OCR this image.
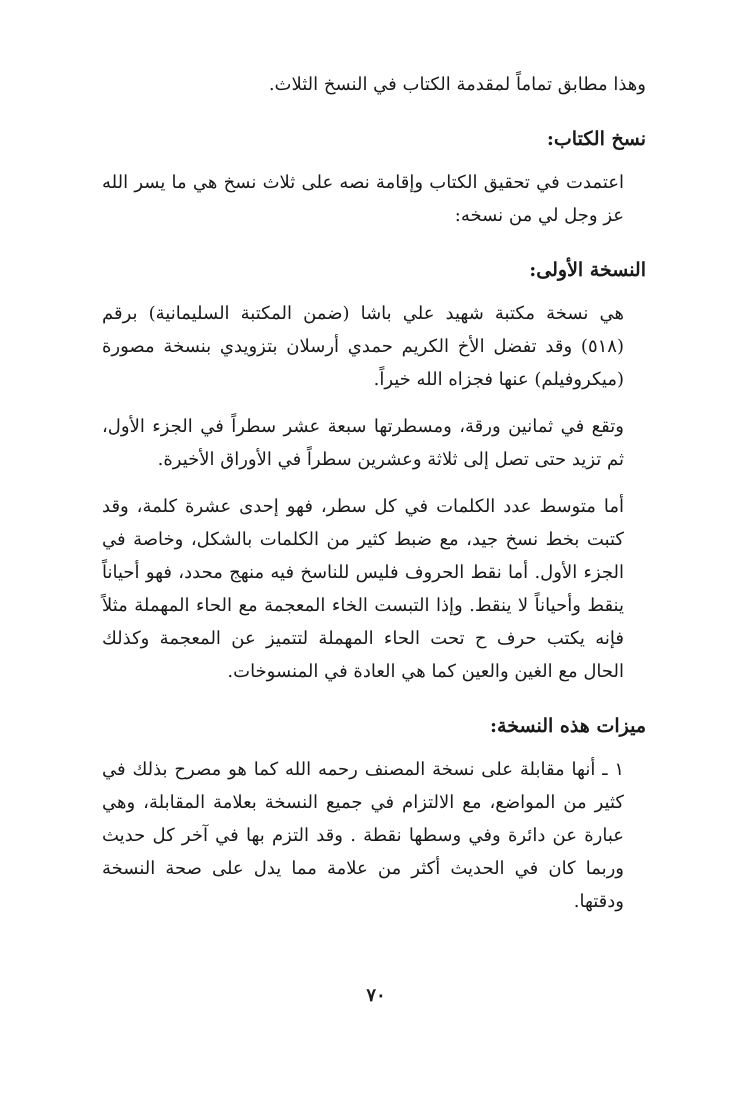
وهذا مطابق تماماً لمقدمة الكتاب في النسخ الثلاث.

نسخ الكتاب:

اعتمدت في تحقيق الكتاب وإقامة نصه على ثلاث نسخ هي ما يسر الله عز وجل لي من نسخه:

النسخة الأولى:

هي نسخة مكتبة شهيد علي باشا (ضمن المكتبة السليمانية) برقم (٥١٨) وقد تفضل الأخ الكريم حمدي أرسلان بتزويدي بنسخة مصورة (ميكروفيلم) عنها فجزاه الله خيراً.

وتقع في ثمانين ورقة، ومسطرتها سبعة عشر سطراً في الجزء الأول، ثم تزيد حتى تصل إلى ثلاثة وعشرين سطراً في الأوراق الأخيرة.

أما متوسط عدد الكلمات في كل سطر، فهو إحدى عشرة كلمة، وقد كتبت بخط نسخ جيد، مع ضبط كثير من الكلمات بالشكل، وخاصة في الجزء الأول. أما نقط الحروف فليس للناسخ فيه منهج محدد، فهو أحياناً ينقط وأحياناً لا ينقط. وإذا التبست الخاء المعجمة مع الحاء المهملة مثلاً فإنه يكتب حرف ح تحت الحاء المهملة لتتميز عن المعجمة وكذلك الحال مع الغين والعين كما هي العادة في المنسوخات.

ميزات هذه النسخة:

١ ـ أنها مقابلة على نسخة المصنف رحمه الله كما هو مصرح بذلك في كثير من المواضع، مع الالتزام في جميع النسخة بعلامة المقابلة، وهي عبارة عن دائرة وفي وسطها نقطة . وقد التزم بها في آخر كل حديث وربما كان في الحديث أكثر من علامة مما يدل على صحة النسخة ودقتها.

٧٠
